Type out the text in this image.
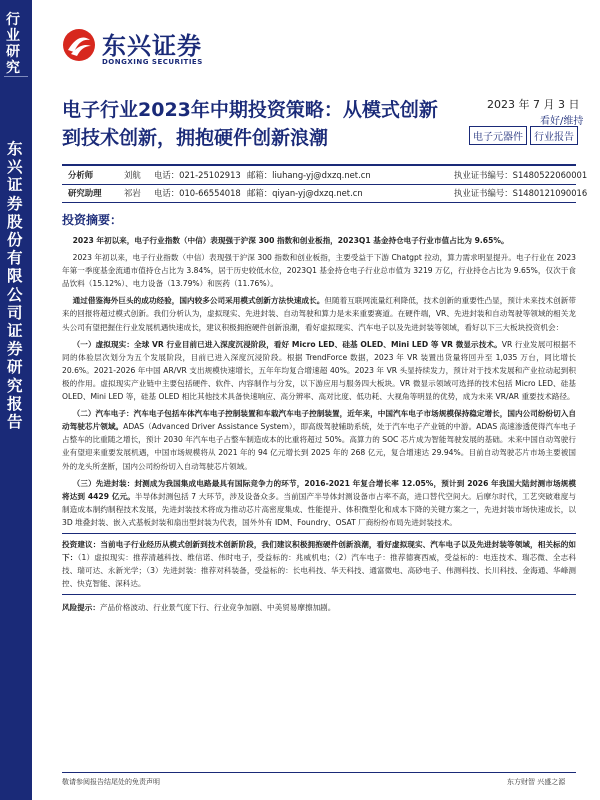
行业研究
东兴证券股份有限公司证券研究报告
东兴证券
DONGXING SECURITIES
电子行业2023年中期投资策略：从模式创新到技术创新，拥抱硬件创新浪潮
2023 年 7 月 3 日
看好/维持
电子元器件	行业报告
分析师	刘航 电话：021-25102913 邮箱：liuhang-yj@dxzq.net.cn	执业证书编号：S1480522060001
研究助理	祁岩 电话：010-66554018 邮箱：qiyan-yj@dxzq.net.cn	执业证书编号：S1480121090016
投资摘要：

2023 年初以来，电子行业指数（中信）表现强于沪深 300 指数和创业板指，2023Q1 基金持仓电子行业市值占比为 9.65%。

2023 年初以来，电子行业指数（中信）表现强于沪深 300 指数和创业板指，主要受益于下游 Chatgpt 拉动，算力需求明显提升。电子行业在 2023 年第一季度基金流通市值持仓占比为 3.84%，居于历史较低水位，2023Q1 基金持仓电子行业总市值为 3219 万亿，行业持仓占比为 9.65%，仅次于食品饮料（15.12%）、电力设备（13.79%）和医药（11.76%）。

通过借鉴海外巨头的成功经验，国内较多公司采用模式创新方法快速成长。但随着互联网流量红利降低，技术创新的重要性凸显，预计未来技术创新带来的回报将超过模式创新。我们分析认为，虚拟现实、先进封装、自动驾驶和算力是未来重要赛道。在硬件端，VR、先进封装和自动驾驶等领域的相关龙头公司有望把握住行业发展机遇快速成长，建议积极拥抱硬件创新浪潮，看好虚拟现实、汽车电子以及先进封装等领域，看好以下三大板块投资机会：

（一）虚拟现实：全球 VR 行业目前已进入深度沉浸阶段，看好 Micro LED、硅基 OLED、Mini LED 等 VR 微显示技术。VR 行业发展可根据不同的体验层次划分为五个发展阶段，目前已进入深度沉浸阶段。根据 TrendForce 数据，2023 年 VR 装置出货量将回升至 1,035 万台，同比增长 20.6%。2021-2026 年中国 AR/VR 支出规模快速增长，五年年均复合增速超 40%。2023 年 VR 头显持续发力，预计对于技术发展和产业拉动起到积极的作用。虚拟现实产业链中主要包括硬件、软件、内容制作与分发，以下游应用与服务四大板块。VR 微显示领域可选择的技术包括 Micro LED、硅基 OLED、Mini LED 等，硅基 OLED 相比其他技术具备快速响应、高分辨率、高对比度、低功耗、大视角等明显的优势，成为未来 VR/AR 重要技术路径。

（二）汽车电子：汽车电子包括车体汽车电子控制装置和车载汽车电子控制装置，近年来，中国汽车电子市场规模保持稳定增长，国内公司纷纷切入自动驾驶芯片领域。ADAS（Advanced Driver Assistance System），即高级驾驶辅助系统，处于汽车电子产业链的中游。ADAS 高速渗透使得汽车电子占整车的比重随之增长，预计 2030 年汽车电子占整车制造成本的比重将超过 50%。高算力的 SOC 芯片成为智能驾驶发展的基础。未来中国自动驾驶行业有望迎来重要发展机遇，中国市场规模将从 2021 年的 94 亿元增长到 2025 年的 268 亿元，复合增速达 29.94%。目前自动驾驶芯片市场主要被国外的龙头所垄断，国内公司纷纷切入自动驾驶芯片领域。

（三）先进封装：封测成为我国集成电路最具有国际竞争力的环节，2016-2021 年复合增长率 12.05%，预计到 2026 年我国大陆封测市场规模将达到 4429 亿元。半导体封测包括 7 大环节，涉及设备众多。当前国产半导体封测设备市占率不高，进口替代空间大。后摩尔时代，工艺突破难度与制造成本制约制程技术发展，先进封装技术将成为推动芯片高密度集成、性能提升、体积微型化和成本下降的关键方案之一，先进封装市场快速成长，以 3D 堆叠封装、嵌入式基板封装和扇出型封装为代表，国外外有 IDM、Foundry、OSAT 厂商纷纷布局先进封装技术。

投资建议：当前电子行业经历从模式创新到技术创新阶段，我们建议积极拥抱硬件创新浪潮，看好虚拟现实、汽车电子以及先进封装等领域，相关标的如下：（1）虚拟现实：推荐清越科技、维信诺、伟时电子，受益标的：兆威机电；（2）汽车电子：推荐德赛西威，受益标的：电连技术、瑞芯微、全志科技、瑞可达、永新光学；（3）先进封装：推荐对科装备，受益标的：长电科技、华天科技、通富微电、高砂电子、伟测科技、长川科技、金海通、华峰测控、快克智能、深科达。

风险提示：产品价格波动、行业景气度下行、行业竞争加剧、中美贸易摩擦加剧。

敬请参阅报告结尾处的免责声明	东方财智 兴盛之源
